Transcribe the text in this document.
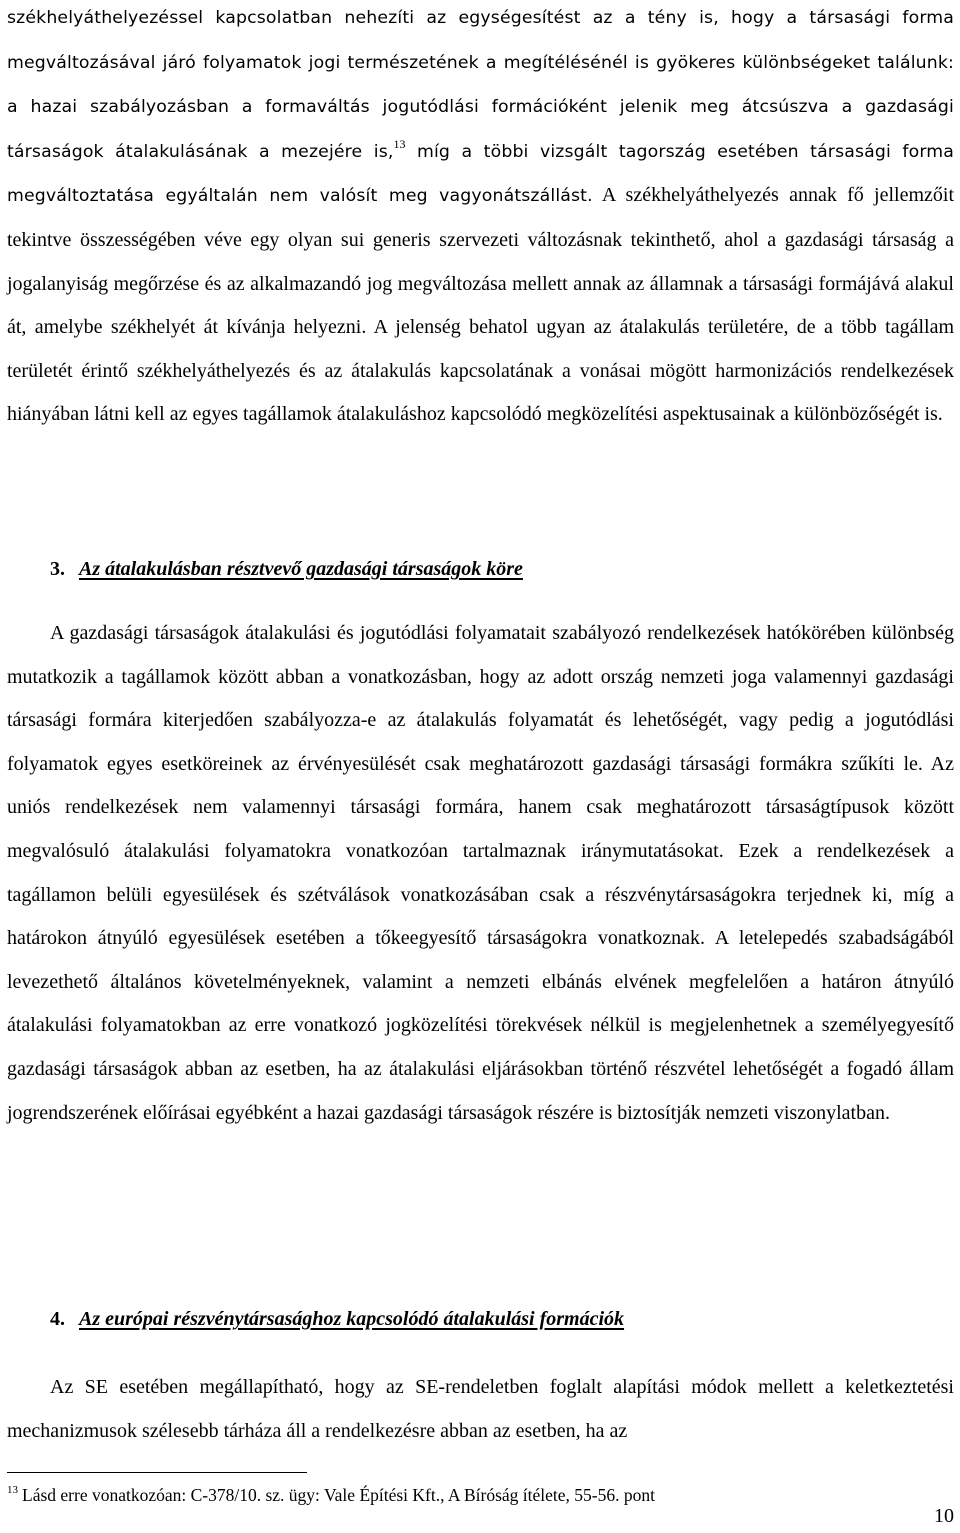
székhelyáthelyezéssel kapcsolatban nehezíti az egységesítést az a tény is, hogy a társasági forma megváltozásával járó folyamatok jogi természetének a megítélésénél is gyökeres különbségeket találunk: a hazai szabályozásban a formaváltás jogutódlási formációként jelenik meg átcsúszva a gazdasági társaságok átalakulásának a mezejére is,$^{13}$ míg a többi vizsgált tagország esetében társasági forma megváltoztatása egyáltalán nem valósít meg vagyonátszállást. A székhelyáthelyezés annak fő jellemzőit tekintve összességében véve egy olyan sui generis szervezeti változásnak tekinthető, ahol a gazdasági társaság a jogalanyiság megőrzése és az alkalmazandó jog megváltozása mellett annak az államnak a társasági formájává alakul át, amelybe székhelyét át kívánja helyezni. A jelenség behatol ugyan az átalakulás területére, de a több tagállam területét érintő székhelyáthelyezés és az átalakulás kapcsolatának a vonásai mögött harmonizációs rendelkezések hiányában látni kell az egyes tagállamok átalakuláshoz kapcsolódó megközelítési aspektusainak a különbözőségét is.

3. Az átalakulásban résztvevő gazdasági társaságok köre

A gazdasági társaságok átalakulási és jogutódlási folyamatait szabályozó rendelkezések hatókörében különbség mutatkozik a tagállamok között abban a vonatkozásban, hogy az adott ország nemzeti joga valamennyi gazdasági társasági formára kiterjedően szabályozza-e az átalakulás folyamatát és lehetőségét, vagy pedig a jogutódlási folyamatok egyes esetköreinek az érvényesülését csak meghatározott gazdasági társasági formákra szűkíti le. Az uniós rendelkezések nem valamennyi társasági formára, hanem csak meghatározott társaságtípusok között megvalósuló átalakulási folyamatokra vonatkozóan tartalmaznak iránymutatásokat. Ezek a rendelkezések a tagállamon belüli egyesülések és szétválások vonatkozásában csak a részvénytársaságokra terjednek ki, míg a határokon átnyúló egyesülések esetében a tőkeegyesítő társaságokra vonatkoznak. A letelepedés szabadságából levezethető általános követelményeknek, valamint a nemzeti elbánás elvének megfelelően a határon átnyúló átalakulási folyamatokban az erre vonatkozó jogközelítési törekvések nélkül is megjelenhetnek a személyegyesítő gazdasági társaságok abban az esetben, ha az átalakulási eljárásokban történő részvétel lehetőségét a fogadó állam jogrendszerének előírásai egyébként a hazai gazdasági társaságok részére is biztosítják nemzeti viszonylatban.

4. Az európai részvénytársasághoz kapcsolódó átalakulási formációk

Az SE esetében megállapítható, hogy az SE-rendeletben foglalt alapítási módok mellett a keletkeztetési mechanizmusok szélesebb tárháza áll a rendelkezésre abban az esetben, ha az

$^{13}$ Lásd erre vonatkozóan: C-378/10. sz. ügy: Vale Építési Kft., A Bíróság ítélete, 55-56. pont
10
